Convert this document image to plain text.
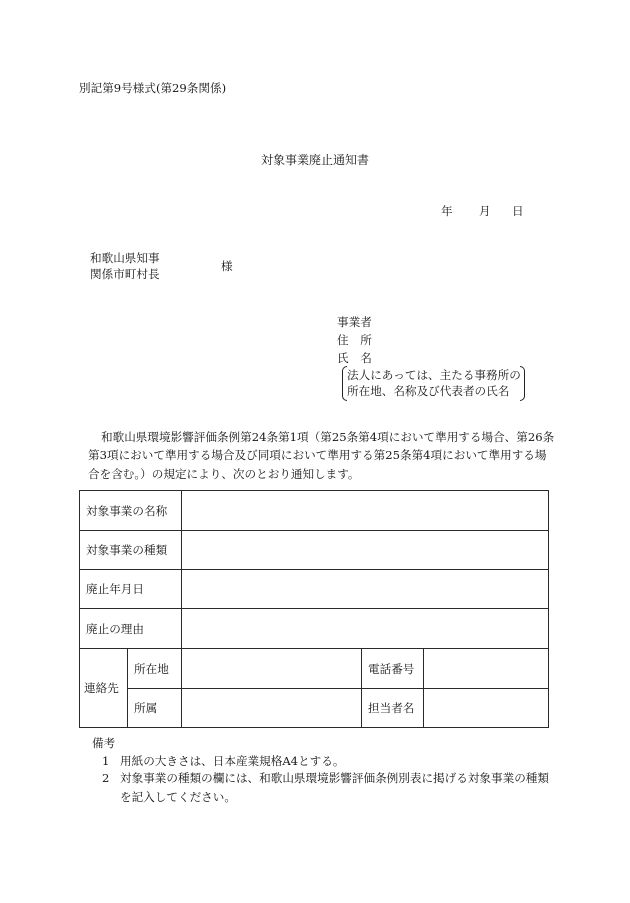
別記第9号様式(第29条関係)
対象事業廃止通知書
年 月 日
和歌山県知事
関係市町村長
様
事業者
住　所
氏　名
法人にあっては、主たる事務所の
所在地、名称及び代表者の氏名
和歌山県環境影響評価条例第24条第1項（第25条第4項において準用する場合、第26条
第3項において準用する場合及び同項において準用する第25条第4項において準用する場
合を含む。）の規定により、次のとおり通知します。
対象事業の名称				
対象事業の種類				
廃止年月日				
廃止の理由				
連絡先	所在地		電話番号	
	所属		担当者名	
備考
1 用紙の大きさは、日本産業規格A4とする。
2 対象事業の種類の欄には、和歌山県環境影響評価条例別表に掲げる対象事業の種類
を記入してください。
